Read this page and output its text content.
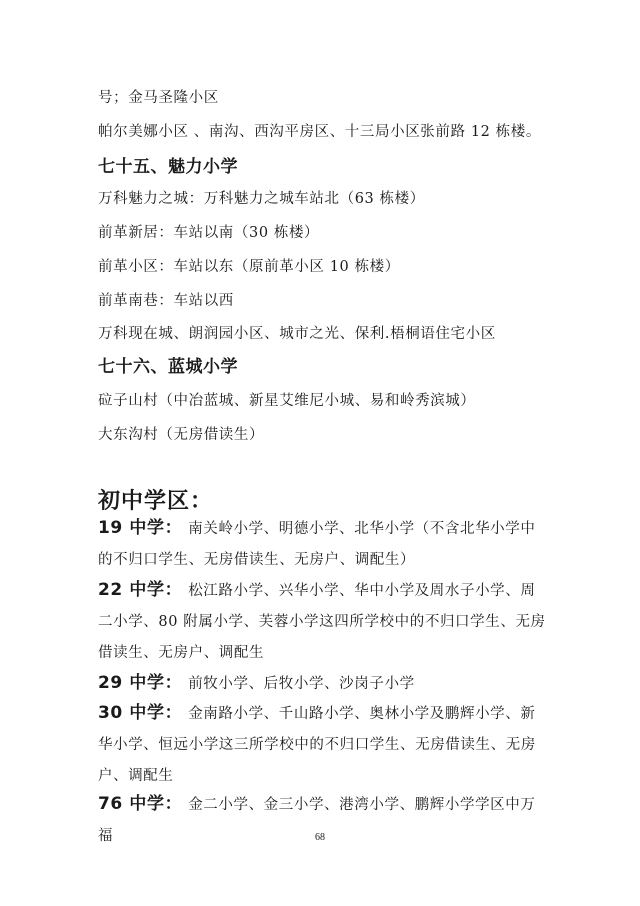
号；金马圣隆小区
帕尔美娜小区 、南沟、西沟平房区、十三局小区张前路 12 栋楼。
七十五、魅力小学
万科魅力之城：万科魅力之城车站北（63 栋楼）
前革新居：车站以南（30 栋楼）
前革小区：车站以东（原前革小区 10 栋楼）
前革南巷：车站以西
万科现在城、朗润园小区、城市之光、保利.梧桐语住宅小区
七十六、蓝城小学
砬子山村（中冶蓝城、新星艾维尼小城、易和岭秀滨城）
大东沟村（无房借读生）
初中学区：
19 中学： 南关岭小学、明德小学、北华小学（不含北华小学中的不归口学生、无房借读生、无房户、调配生）
22 中学： 松江路小学、兴华小学、华中小学及周水子小学、周二小学、80 附属小学、芙蓉小学这四所学校中的不归口学生、无房借读生、无房户、调配生
29 中学： 前牧小学、后牧小学、沙岗子小学
30 中学： 金南路小学、千山路小学、奥林小学及鹏辉小学、新华小学、恒远小学这三所学校中的不归口学生、无房借读生、无房户、调配生
76 中学： 金二小学、金三小学、港湾小学、鹏辉小学学区中万福	68
